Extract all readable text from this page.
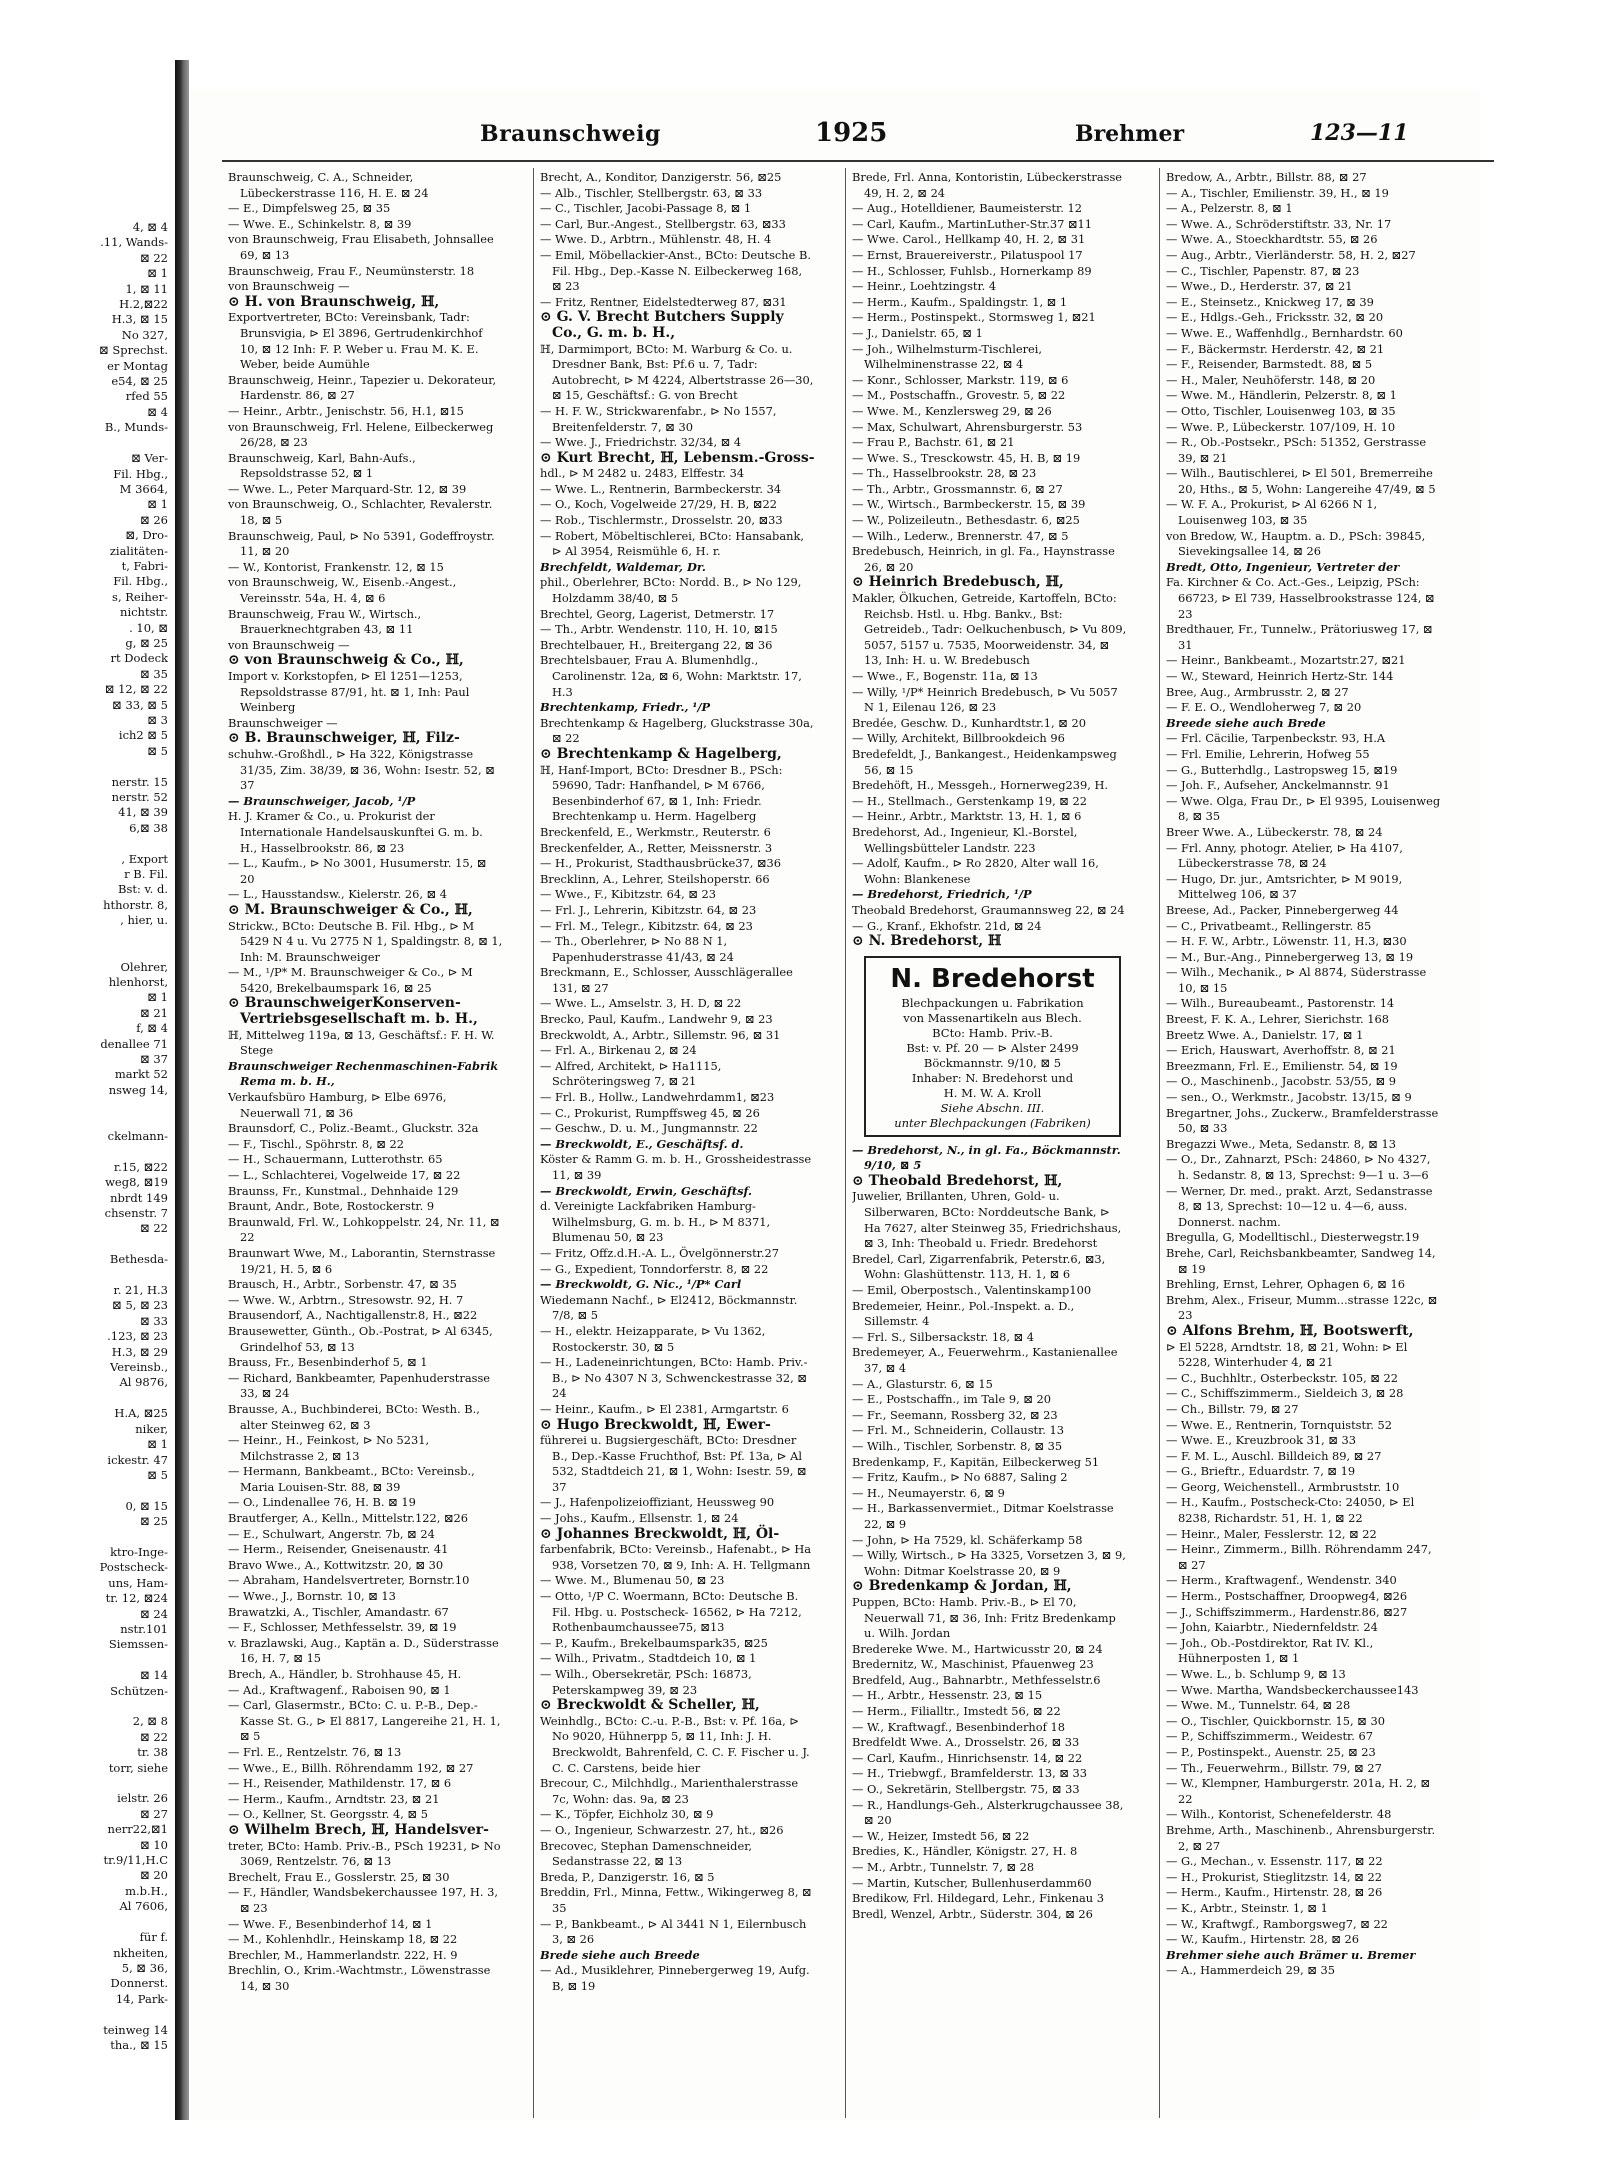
4, ⊠ 4
.11, Wands-
⊠ 22
⊠ 1
1, ⊠ 11
H.2,⊠22
H.3, ⊠ 15
No 327,
⊠ Sprechst.
er Montag
e54, ⊠ 25
rfed 55
⊠ 4
B., Munds-

⊠ Ver-
Fil. Hbg.,
M 3664,
⊠ 1
⊠ 26
⊠, Dro-
zialitäten-
t, Fabri-
Fil. Hbg.,
s, Reiher-
nichtstr.
. 10, ⊠
g, ⊠ 25
rt Dodeck
⊠ 35
⊠ 12, ⊠ 22
⊠ 33, ⊠ 5
⊠ 3
ich2 ⊠ 5
⊠ 5

nerstr. 15
nerstr. 52
41, ⊠ 39
6,⊠ 38

, Export
r B. Fil.
Bst: v. d.
hthorstr. 8,
, hier, u.

Olehrer,
hlenhorst,
⊠ 1
⊠ 21
f, ⊠ 4
denallee 71
⊠ 37
markt 52
nsweg 14,

ckelmann-

r.15, ⊠22
weg8, ⊠19
nbrdt 149
chsenstr. 7
⊠ 22

Bethesda-

r. 21, H.3
⊠ 5, ⊠ 23
⊠ 33
.123, ⊠ 23
H.3, ⊠ 29
Vereinsb.,
Al 9876,

H.A, ⊠25
niker,
⊠ 1
ickestr. 47
⊠ 5

0, ⊠ 15
⊠ 25

ktro-Inge-
Postscheck-
uns, Ham-
tr. 12, ⊠24
⊠ 24
nstr.101
Siemssen-

⊠ 14
Schützen-

2, ⊠ 8
⊠ 22
tr. 38
torr, siehe

ielstr. 26
⊠ 27
nerr22,⊠1
⊠ 10
tr.9/11,H.C
⊠ 20
m.b.H.,
Al 7606,

für f.
nkheiten,
5, ⊠ 36,
Donnerst.
14, Park-

teinweg 14
tha., ⊠ 15
Braunschweig	1925	Brehmer	123—11
Braunschweig, C. A., Schneider, Lübeckerstrasse 116, H. E. ⊠ 24
— E., Dimpfelsweg 25, ⊠ 35
— Wwe. E., Schinkelstr. 8, ⊠ 39
von Braunschweig, Frau Elisabeth, Johnsallee 69, ⊠ 13
Braunschweig, Frau F., Neumünsterstr. 18
von Braunschweig —
⊙ H. von Braunschweig, ℍ,
Exportvertreter, BCto: Vereinsbank, Tadr: Brunsvigia, ⊳ El 3896, Gertrudenkirchhof 10, ⊠ 12 Inh: F. P. Weber u. Frau M. K. E. Weber, beide Aumühle
Braunschweig, Heinr., Tapezier u. Dekorateur, Hardenstr. 86, ⊠ 27
— Heinr., Arbtr., Jenischstr. 56, H.1, ⊠15
von Braunschweig, Frl. Helene, Eilbeckerweg 26/28, ⊠ 23
Braunschweig, Karl, Bahn-Aufs., Repsoldstrasse 52, ⊠ 1
— Wwe. L., Peter Marquard-Str. 12, ⊠ 39
von Braunschweig, O., Schlachter, Revalerstr. 18, ⊠ 5
Braunschweig, Paul, ⊳ No 5391, Godeffroystr. 11, ⊠ 20
— W., Kontorist, Frankenstr. 12, ⊠ 15
von Braunschweig, W., Eisenb.-Angest., Vereinsstr. 54a, H. 4, ⊠ 6
Braunschweig, Frau W., Wirtsch., Brauerknechtgraben 43, ⊠ 11
von Braunschweig —
⊙ von Braunschweig & Co., ℍ,
Import v. Korkstopfen, ⊳ El 1251—1253, Repsoldstrasse 87/91, ht. ⊠ 1, Inh: Paul Weinberg
Braunschweiger —
⊙ B. Braunschweiger, ℍ, Filz-
schuhw.-Großhdl., ⊳ Ha 322, Königstrasse 31/35, Zim. 38/39, ⊠ 36, Wohn: Isestr. 52, ⊠ 37
— Braunschweiger, Jacob, ¹/P
H. J. Kramer & Co., u. Prokurist der Internationale Handelsauskunftei G. m. b. H., Hasselbrookstr. 86, ⊠ 23
— L., Kaufm., ⊳ No 3001, Husumerstr. 15, ⊠ 20
— L., Hausstandsw., Kielerstr. 26, ⊠ 4
⊙ M. Braunschweiger & Co., ℍ,
Strickw., BCto: Deutsche B. Fil. Hbg., ⊳ M 5429 N 4 u. Vu 2775 N 1, Spaldingstr. 8, ⊠ 1, Inh: M. Braunschweiger
— M., ¹/P* M. Braunschweiger & Co., ⊳ M 5420, Brekelbaumspark 16, ⊠ 25
⊙ BraunschweigerKonserven-Vertriebsgesellschaft m. b. H.,
ℍ, Mittelweg 119a, ⊠ 13, Geschäftsf.: F. H. W. Stege
Braunschweiger Rechenmaschinen-Fabrik Rema m. b. H.,
Verkaufsbüro Hamburg, ⊳ Elbe 6976, Neuerwall 71, ⊠ 36
Braunsdorf, C., Poliz.-Beamt., Gluckstr. 32a
— F., Tischl., Spöhrstr. 8, ⊠ 22
— H., Schauermann, Lutterothstr. 65
— L., Schlachterei, Vogelweide 17, ⊠ 22
Braunss, Fr., Kunstmal., Dehnhaide 129
Braunt, Andr., Bote, Rostockerstr. 9
Braunwald, Frl. W., Lohkoppelstr. 24, Nr. 11, ⊠ 22
Braunwart Wwe, M., Laborantin, Sternstrasse 19/21, H. 5, ⊠ 6
Brausch, H., Arbtr., Sorbenstr. 47, ⊠ 35
— Wwe. W., Arbtrn., Stresowstr. 92, H. 7
Brausendorf, A., Nachtigallenstr.8, H., ⊠22
Brausewetter, Günth., Ob.-Postrat, ⊳ Al 6345, Grindelhof 53, ⊠ 13
Brauss, Fr., Besenbinderhof 5, ⊠ 1
— Richard, Bankbeamter, Papenhuderstrasse 33, ⊠ 24
Brausse, A., Buchbinderei, BCto: Westh. B., alter Steinweg 62, ⊠ 3
— Heinr., H., Feinkost, ⊳ No 5231, Milchstrasse 2, ⊠ 13
— Hermann, Bankbeamt., BCto: Vereinsb., Maria Louisen-Str. 88, ⊠ 39
— O., Lindenallee 76, H. B. ⊠ 19
Brautferger, A., Kelln., Mittelstr.122, ⊠26
— E., Schulwart, Angerstr. 7b, ⊠ 24
— Herm., Reisender, Gneisenaustr. 41
Bravo Wwe., A., Kottwitzstr. 20, ⊠ 30
— Abraham, Handelsvertreter, Bornstr.10
— Wwe., J., Bornstr. 10, ⊠ 13
Brawatzki, A., Tischler, Amandastr. 67
— F., Schlosser, Methfesselstr. 39, ⊠ 19
v. Brazlawski, Aug., Kaptän a. D., Süderstrasse 16, H. 7, ⊠ 15
Brech, A., Händler, b. Strohhause 45, H.
— Ad., Kraftwagenf., Raboisen 90, ⊠ 1
— Carl, Glasermstr., BCto: C. u. P.-B., Dep.-Kasse St. G., ⊳ El 8817, Langereihe 21, H. 1, ⊠ 5
— Frl. E., Rentzelstr. 76, ⊠ 13
— Wwe., E., Billh. Röhrendamm 192, ⊠ 27
— H., Reisender, Mathildenstr. 17, ⊠ 6
— Herm., Kaufm., Arndtstr. 23, ⊠ 21
— O., Kellner, St. Georgsstr. 4, ⊠ 5
⊙ Wilhelm Brech, ℍ, Handelsver-
treter, BCto: Hamb. Priv.-B., PSch 19231, ⊳ No 3069, Rentzelstr. 76, ⊠ 13
Brechelt, Frau E., Gosslerstr. 25, ⊠ 30
— F., Händler, Wandsbekerchaussee 197, H. 3, ⊠ 23
— Wwe. F., Besenbinderhof 14, ⊠ 1
— M., Kohlenhdlr., Heinskamp 18, ⊠ 22
Brechler, M., Hammerlandstr. 222, H. 9
Brechlin, O., Krim.-Wachtmstr., Löwenstrasse 14, ⊠ 30
Brecht, A., Konditor, Danzigerstr. 56, ⊠25
— Alb., Tischler, Stellbergstr. 63, ⊠ 33
— C., Tischler, Jacobi-Passage 8, ⊠ 1
— Carl, Bur.-Angest., Stellbergstr. 63, ⊠33
— Wwe. D., Arbtrn., Mühlenstr. 48, H. 4
— Emil, Möbellackier-Anst., BCto: Deutsche B. Fil. Hbg., Dep.-Kasse N. Eilbeckerweg 168, ⊠ 23
— Fritz, Rentner, Eidelstedterweg 87, ⊠31
⊙ G. V. Brecht Butchers Supply Co., G. m. b. H.,
ℍ, Darmimport, BCto: M. Warburg & Co. u. Dresdner Bank, Bst: Pf.6 u. 7, Tadr: Autobrecht, ⊳ M 4224, Albertstrasse 26—30, ⊠ 15, Geschäftsf.: G. von Brecht
— H. F. W., Strickwarenfabr., ⊳ No 1557, Breitenfelderstr. 7, ⊠ 30
— Wwe. J., Friedrichstr. 32/34, ⊠ 4
⊙ Kurt Brecht, ℍ, Lebensm.-Gross-
hdl., ⊳ M 2482 u. 2483, Elffestr. 34
— Wwe. L., Rentnerin, Barmbeckerstr. 34
— O., Koch, Vogelweide 27/29, H. B, ⊠22
— Rob., Tischlermstr., Drosselstr. 20, ⊠33
— Robert, Möbeltischlerei, BCto: Hansabank, ⊳ Al 3954, Reismühle 6, H. r.
Brechfeldt, Waldemar, Dr.
phil., Oberlehrer, BCto: Nordd. B., ⊳ No 129, Holzdamm 38/40, ⊠ 5
Brechtel, Georg, Lagerist, Detmerstr. 17
— Th., Arbtr. Wendenstr. 110, H. 10, ⊠15
Brechtelbauer, H., Breitergang 22, ⊠ 36
Brechtelsbauer, Frau A. Blumenhdlg., Carolinenstr. 12a, ⊠ 6, Wohn: Marktstr. 17, H.3
Brechtenkamp, Friedr., ¹/P
Brechtenkamp & Hagelberg, Gluckstrasse 30a, ⊠ 22
⊙ Brechtenkamp & Hagelberg,
ℍ, Hanf-Import, BCto: Dresdner B., PSch: 59690, Tadr: Hanfhandel, ⊳ M 6766, Besenbinderhof 67, ⊠ 1, Inh: Friedr. Brechtenkamp u. Herm. Hagelberg
Breckenfeld, E., Werkmstr., Reuterstr. 6
Breckenfelder, A., Retter, Meissnerstr. 3
— H., Prokurist, Stadthausbrücke37, ⊠36
Brecklinn, A., Lehrer, Steilshoperstr. 66
— Wwe., F., Kibitzstr. 64, ⊠ 23
— Frl. J., Lehrerin, Kibitzstr. 64, ⊠ 23
— Frl. M., Telegr., Kibitzstr. 64, ⊠ 23
— Th., Oberlehrer, ⊳ No 88 N 1, Papenhuderstrasse 41/43, ⊠ 24
Breckmann, E., Schlosser, Ausschlägerallee 131, ⊠ 27
— Wwe. L., Amselstr. 3, H. D, ⊠ 22
Brecko, Paul, Kaufm., Landwehr 9, ⊠ 23
Breckwoldt, A., Arbtr., Sillemstr. 96, ⊠ 31
— Frl. A., Birkenau 2, ⊠ 24
— Alfred, Architekt, ⊳ Ha1115, Schröteringsweg 7, ⊠ 21
— Frl. B., Hollw., Landwehrdamm1, ⊠23
— C., Prokurist, Rumpffsweg 45, ⊠ 26
— Geschw., D. u. M., Jungmannstr. 22
— Breckwoldt, E., Geschäftsf. d.
Köster & Ramm G. m. b. H., Grossheidestrasse 11, ⊠ 39
— Breckwoldt, Erwin, Geschäftsf.
d. Vereinigte Lackfabriken Hamburg-Wilhelmsburg, G. m. b. H., ⊳ M 8371, Blumenau 50, ⊠ 23
— Fritz, Offz.d.H.-A. L., Övelgönnerstr.27
— G., Expedient, Tonndorferstr. 8, ⊠ 22
— Breckwoldt, G. Nic., ¹/P* Carl
Wiedemann Nachf., ⊳ El2412, Böckmannstr. 7/8, ⊠ 5
— H., elektr. Heizapparate, ⊳ Vu 1362, Rostockerstr. 30, ⊠ 5
— H., Ladeneinrichtungen, BCto: Hamb. Priv.-B., ⊳ No 4307 N 3, Schwenckestrasse 32, ⊠ 24
— Heinr., Kaufm., ⊳ El 2381, Armgartstr. 6
⊙ Hugo Breckwoldt, ℍ, Ewer-
führerei u. Bugsiergeschäft, BCto: Dresdner B., Dep.-Kasse Fruchthof, Bst: Pf. 13a, ⊳ Al 532, Stadtdeich 21, ⊠ 1, Wohn: Isestr. 59, ⊠ 37
— J., Hafenpolizeioffiziant, Heussweg 90
— Johs., Kaufm., Ellsenstr. 1, ⊠ 24
⊙ Johannes Breckwoldt, ℍ, Öl-
farbenfabrik, BCto: Vereinsb., Hafenabt., ⊳ Ha 938, Vorsetzen 70, ⊠ 9, Inh: A. H. Tellgmann
— Wwe. M., Blumenau 50, ⊠ 23
— Otto, ¹/P C. Woermann, BCto: Deutsche B. Fil. Hbg. u. Postscheck- 16562, ⊳ Ha 7212, Rothenbaumchaussee75, ⊠13
— P., Kaufm., Brekelbaumspark35, ⊠25
— Wilh., Privatm., Stadtdeich 10, ⊠ 1
— Wilh., Obersekretär, PSch: 16873, Peterskampweg 39, ⊠ 23
⊙ Breckwoldt & Scheller, ℍ,
Weinhdlg., BCto: C.-u. P.-B., Bst: v. Pf. 16a, ⊳ No 9020, Hühnerpp 5, ⊠ 11, Inh: J. H. Breckwoldt, Bahrenfeld, C. C. F. Fischer u. J. C. C. Carstens, beide hier
Brecour, C., Milchhdlg., Marienthalerstrasse 7c, Wohn: das. 9a, ⊠ 23
— K., Töpfer, Eichholz 30, ⊠ 9
— O., Ingenieur, Schwarzestr. 27, ht., ⊠26
Brecovec, Stephan Damenschneider, Sedanstrasse 22, ⊠ 13
Breda, P., Danzigerstr. 16, ⊠ 5
Breddin, Frl., Minna, Fettw., Wikingerweg 8, ⊠ 35
— P., Bankbeamt., ⊳ Al 3441 N 1, Eilernbusch 3, ⊠ 26
Brede siehe auch Breede
— Ad., Musiklehrer, Pinnebergerweg 19, Aufg. B, ⊠ 19
Brede, Frl. Anna, Kontoristin, Lübeckerstrasse 49, H. 2, ⊠ 24
— Aug., Hotelldiener, Baumeisterstr. 12
— Carl, Kaufm., MartinLuther-Str.37 ⊠11
— Wwe. Carol., Hellkamp 40, H. 2, ⊠ 31
— Ernst, Brauereiverstr., Pilatuspool 17
— H., Schlosser, Fuhlsb., Hornerkamp 89
— Heinr., Loehtzingstr. 4
— Herm., Kaufm., Spaldingstr. 1, ⊠ 1
— Herm., Postinspekt., Stormsweg 1, ⊠21
— J., Danielstr. 65, ⊠ 1
— Joh., Wilhelmsturm-Tischlerei, Wilhelminenstrasse 22, ⊠ 4
— Konr., Schlosser, Markstr. 119, ⊠ 6
— M., Postschaffn., Grovestr. 5, ⊠ 22
— Wwe. M., Kenzlersweg 29, ⊠ 26
— Max, Schulwart, Ahrensburgerstr. 53
— Frau P., Bachstr. 61, ⊠ 21
— Wwe. S., Tresckowstr. 45, H. B, ⊠ 19
— Th., Hasselbrookstr. 28, ⊠ 23
— Th., Arbtr., Grossmannstr. 6, ⊠ 27
— W., Wirtsch., Barmbeckerstr. 15, ⊠ 39
— W., Polizeileutn., Bethesdastr. 6, ⊠25
— Wilh., Lederw., Brennerstr. 47, ⊠ 5
Bredebusch, Heinrich, in gl. Fa., Haynstrasse 26, ⊠ 20
⊙ Heinrich Bredebusch, ℍ,
Makler, Ölkuchen, Getreide, Kartoffeln, BCto: Reichsb. Hstl. u. Hbg. Bankv., Bst: Getreideb., Tadr: Oelkuchenbusch, ⊳ Vu 809, 5057, 5157 u. 7535, Moorweidenstr. 34, ⊠ 13, Inh: H. u. W. Bredebusch
— Wwe., F., Bogenstr. 11a, ⊠ 13
— Willy, ¹/P* Heinrich Bredebusch, ⊳ Vu 5057 N 1, Eilenau 126, ⊠ 23
Bredée, Geschw. D., Kunhardtstr.1, ⊠ 20
— Willy, Architekt, Billbrookdeich 96
Bredefeldt, J., Bankangest., Heidenkampsweg 56, ⊠ 15
Bredehöft, H., Messgeh., Hornerweg239, H.
— H., Stellmach., Gerstenkamp 19, ⊠ 22
— Heinr., Arbtr., Marktstr. 13, H. 1, ⊠ 6
Bredehorst, Ad., Ingenieur, Kl.-Borstel, Wellingsbütteler Landstr. 223
— Adolf, Kaufm., ⊳ Ro 2820, Alter wall 16, Wohn: Blankenese
— Bredehorst, Friedrich, ¹/P
Theobald Bredehorst, Graumannsweg 22, ⊠ 24
— G., Kranf., Ekhofstr. 21d, ⊠ 24
⊙ N. Bredehorst, ℍ
N. Bredehorst
Blechpackungen u. Fabrikation
von Massenartikeln aus Blech.
BCto: Hamb. Priv.-B.
Bst: v. Pf. 20 — ⊳ Alster 2499
Böckmannstr. 9/10, ⊠ 5
Inhaber: N. Bredehorst und
H. M. W. A. Kroll
Siehe Abschn. III.
unter Blechpackungen (Fabriken)
— Bredehorst, N., in gl. Fa., Böckmannstr. 9/10, ⊠ 5
⊙ Theobald Bredehorst, ℍ,
Juwelier, Brillanten, Uhren, Gold- u. Silberwaren, BCto: Norddeutsche Bank, ⊳ Ha 7627, alter Steinweg 35, Friedrichshaus, ⊠ 3, Inh: Theobald u. Friedr. Bredehorst
Bredel, Carl, Zigarrenfabrik, Peterstr.6, ⊠3, Wohn: Glashüttenstr. 113, H. 1, ⊠ 6
— Emil, Oberpostsch., Valentinskamp100
Bredemeier, Heinr., Pol.-Inspekt. a. D., Sillemstr. 4
— Frl. S., Silbersackstr. 18, ⊠ 4
Bredemeyer, A., Feuerwehrm., Kastanienallee 37, ⊠ 4
— A., Glasturstr. 6, ⊠ 15
— E., Postschaffn., im Tale 9, ⊠ 20
— Fr., Seemann, Rossberg 32, ⊠ 23
— Frl. M., Schneiderin, Collaustr. 13
— Wilh., Tischler, Sorbenstr. 8, ⊠ 35
Bredenkamp, F., Kapitän, Eilbeckerweg 51
— Fritz, Kaufm., ⊳ No 6887, Saling 2
— H., Neumayerstr. 6, ⊠ 9
— H., Barkassenvermiet., Ditmar Koelstrasse 22, ⊠ 9
— John, ⊳ Ha 7529, kl. Schäferkamp 58
— Willy, Wirtsch., ⊳ Ha 3325, Vorsetzen 3, ⊠ 9, Wohn: Ditmar Koelstrasse 20, ⊠ 9
⊙ Bredenkamp & Jordan, ℍ,
Puppen, BCto: Hamb. Priv.-B., ⊳ El 70, Neuerwall 71, ⊠ 36, Inh: Fritz Bredenkamp u. Wilh. Jordan
Bredereke Wwe. M., Hartwicusstr 20, ⊠ 24
Bredernitz, W., Maschinist, Pfauenweg 23
Bredfeld, Aug., Bahnarbtr., Methfesselstr.6
— H., Arbtr., Hessenstr. 23, ⊠ 15
— Herm., Filialltr., Imstedt 56, ⊠ 22
— W., Kraftwagf., Besenbinderhof 18
Bredfeldt Wwe. A., Drosselstr. 26, ⊠ 33
— Carl, Kaufm., Hinrichsenstr. 14, ⊠ 22
— H., Triebwgf., Bramfelderstr. 13, ⊠ 33
— O., Sekretärin, Stellbergstr. 75, ⊠ 33
— R., Handlungs-Geh., Alsterkrugchaussee 38, ⊠ 20
— W., Heizer, Imstedt 56, ⊠ 22
Bredies, K., Händler, Königstr. 27, H. 8
— M., Arbtr., Tunnelstr. 7, ⊠ 28
— Martin, Kutscher, Bullenhuserdamm60
Bredikow, Frl. Hildegard, Lehr., Finkenau 3
Bredl, Wenzel, Arbtr., Süderstr. 304, ⊠ 26
Bredow, A., Arbtr., Billstr. 88, ⊠ 27
— A., Tischler, Emilienstr. 39, H., ⊠ 19
— A., Pelzerstr. 8, ⊠ 1
— Wwe. A., Schröderstiftstr. 33, Nr. 17
— Wwe. A., Stoeckhardtstr. 55, ⊠ 26
— Aug., Arbtr., Vierländerstr. 58, H. 2, ⊠27
— C., Tischler, Papenstr. 87, ⊠ 23
— Wwe., D., Herderstr. 37, ⊠ 21
— E., Steinsetz., Knickweg 17, ⊠ 39
— E., Hdlgs.-Geh., Fricksstr. 32, ⊠ 20
— Wwe. E., Waffenhdlg., Bernhardstr. 60
— F., Bäckermstr. Herderstr. 42, ⊠ 21
— F., Reisender, Barmstedt. 88, ⊠ 5
— H., Maler, Neuhöferstr. 148, ⊠ 20
— Wwe. M., Händlerin, Pelzerstr. 8, ⊠ 1
— Otto, Tischler, Louisenweg 103, ⊠ 35
— Wwe. P., Lübeckerstr. 107/109, H. 10
— R., Ob.-Postsekr., PSch: 51352, Gerstrasse 39, ⊠ 21
— Wilh., Bautischlerei, ⊳ El 501, Bremerreihe 20, Hths., ⊠ 5, Wohn: Langereihe 47/49, ⊠ 5
— W. F. A., Prokurist, ⊳ Al 6266 N 1, Louisenweg 103, ⊠ 35
von Bredow, W., Hauptm. a. D., PSch: 39845, Sievekingsallee 14, ⊠ 26
Bredt, Otto, Ingenieur, Vertreter der
Fa. Kirchner & Co. Act.-Ges., Leipzig, PSch: 66723, ⊳ El 739, Hasselbrookstrasse 124, ⊠ 23
Bredthauer, Fr., Tunnelw., Prätoriusweg 17, ⊠ 31
— Heinr., Bankbeamt., Mozartstr.27, ⊠21
— W., Steward, Heinrich Hertz-Str. 144
Bree, Aug., Armbrusstr. 2, ⊠ 27
— F. E. O., Wendloherweg 7, ⊠ 20
Breede siehe auch Brede
— Frl. Cäcilie, Tarpenbeckstr. 93, H.A
— Frl. Emilie, Lehrerin, Hofweg 55
— G., Butterhdlg., Lastropsweg 15, ⊠19
— Joh. F., Aufseher, Anckelmannstr. 91
— Wwe. Olga, Frau Dr., ⊳ El 9395, Louisenweg 8, ⊠ 35
Breer Wwe. A., Lübeckerstr. 78, ⊠ 24
— Frl. Anny, photogr. Atelier, ⊳ Ha 4107, Lübeckerstrasse 78, ⊠ 24
— Hugo, Dr. jur., Amtsrichter, ⊳ M 9019, Mittelweg 106, ⊠ 37
Breese, Ad., Packer, Pinnebergerweg 44
— C., Privatbeamt., Rellingerstr. 85
— H. F. W., Arbtr., Löwenstr. 11, H.3, ⊠30
— M., Bur.-Ang., Pinnebergerweg 13, ⊠ 19
— Wilh., Mechanik., ⊳ Al 8874, Süderstrasse 10, ⊠ 15
— Wilh., Bureaubeamt., Pastorenstr. 14
Breest, F. K. A., Lehrer, Sierichstr. 168
Breetz Wwe. A., Danielstr. 17, ⊠ 1
— Erich, Hauswart, Averhoffstr. 8, ⊠ 21
Breezmann, Frl. E., Emilienstr. 54, ⊠ 19
— O., Maschinenb., Jacobstr. 53/55, ⊠ 9
— sen., O., Werkmstr., Jacobstr. 13/15, ⊠ 9
Bregartner, Johs., Zuckerw., Bramfelderstrasse 50, ⊠ 33
Bregazzi Wwe., Meta, Sedanstr. 8, ⊠ 13
— O., Dr., Zahnarzt, PSch: 24860, ⊳ No 4327, h. Sedanstr. 8, ⊠ 13, Sprechst: 9—1 u. 3—6
— Werner, Dr. med., prakt. Arzt, Sedanstrasse 8, ⊠ 13, Sprechst: 10—12 u. 4—6, auss. Donnerst. nachm.
Bregulla, G, Modelltischl., Diesterwegstr.19
Brehe, Carl, Reichsbankbeamter, Sandweg 14, ⊠ 19
Brehling, Ernst, Lehrer, Ophagen 6, ⊠ 16
Brehm, Alex., Friseur, Mumm...strasse 122c, ⊠ 23
⊙ Alfons Brehm, ℍ, Bootswerft,
⊳ El 5228, Arndtstr. 18, ⊠ 21, Wohn: ⊳ El 5228, Winterhuder 4, ⊠ 21
— C., Buchhltr., Osterbeckstr. 105, ⊠ 22
— C., Schiffszimmerm., Sieldeich 3, ⊠ 28
— Ch., Billstr. 79, ⊠ 27
— Wwe. E., Rentnerin, Tornquiststr. 52
— Wwe. E., Kreuzbrook 31, ⊠ 33
— F. M. L., Auschl. Billdeich 89, ⊠ 27
— G., Brieftr., Eduardstr. 7, ⊠ 19
— Georg, Weichenstell., Armbruststr. 10
— H., Kaufm., Postscheck-Cto: 24050, ⊳ El 8238, Richardstr. 51, H. 1, ⊠ 22
— Heinr., Maler, Fesslerstr. 12, ⊠ 22
— Heinr., Zimmerm., Billh. Röhrendamm 247, ⊠ 27
— Herm., Kraftwagenf., Wendenstr. 340
— Herm., Postschaffner, Droopweg4, ⊠26
— J., Schiffszimmerm., Hardenstr.86, ⊠27
— John, Kaiarbtr., Niedernfeldstr. 24
— Joh., Ob.-Postdirektor, Rat IV. Kl., Hühnerposten 1, ⊠ 1
— Wwe. L., b. Schlump 9, ⊠ 13
— Wwe. Martha, Wandsbeckerchaussee143
— Wwe. M., Tunnelstr. 64, ⊠ 28
— O., Tischler, Quickbornstr. 15, ⊠ 30
— P., Schiffszimmerm., Weidestr. 67
— P., Postinspekt., Auenstr. 25, ⊠ 23
— Th., Feuerwehrm., Billstr. 79, ⊠ 27
— W., Klempner, Hamburgerstr. 201a, H. 2, ⊠ 22
— Wilh., Kontorist, Schenefelderstr. 48
Brehme, Arth., Maschinenb., Ahrensburgerstr. 2, ⊠ 27
— G., Mechan., v. Essenstr. 117, ⊠ 22
— H., Prokurist, Stieglitzstr. 14, ⊠ 22
— Herm., Kaufm., Hirtenstr. 28, ⊠ 26
— K., Arbtr., Steinstr. 1, ⊠ 1
— W., Kraftwgf., Ramborgsweg7, ⊠ 22
— W., Kaufm., Hirtenstr. 28, ⊠ 26
Brehmer siehe auch Brämer u. Bremer
— A., Hammerdeich 29, ⊠ 35
